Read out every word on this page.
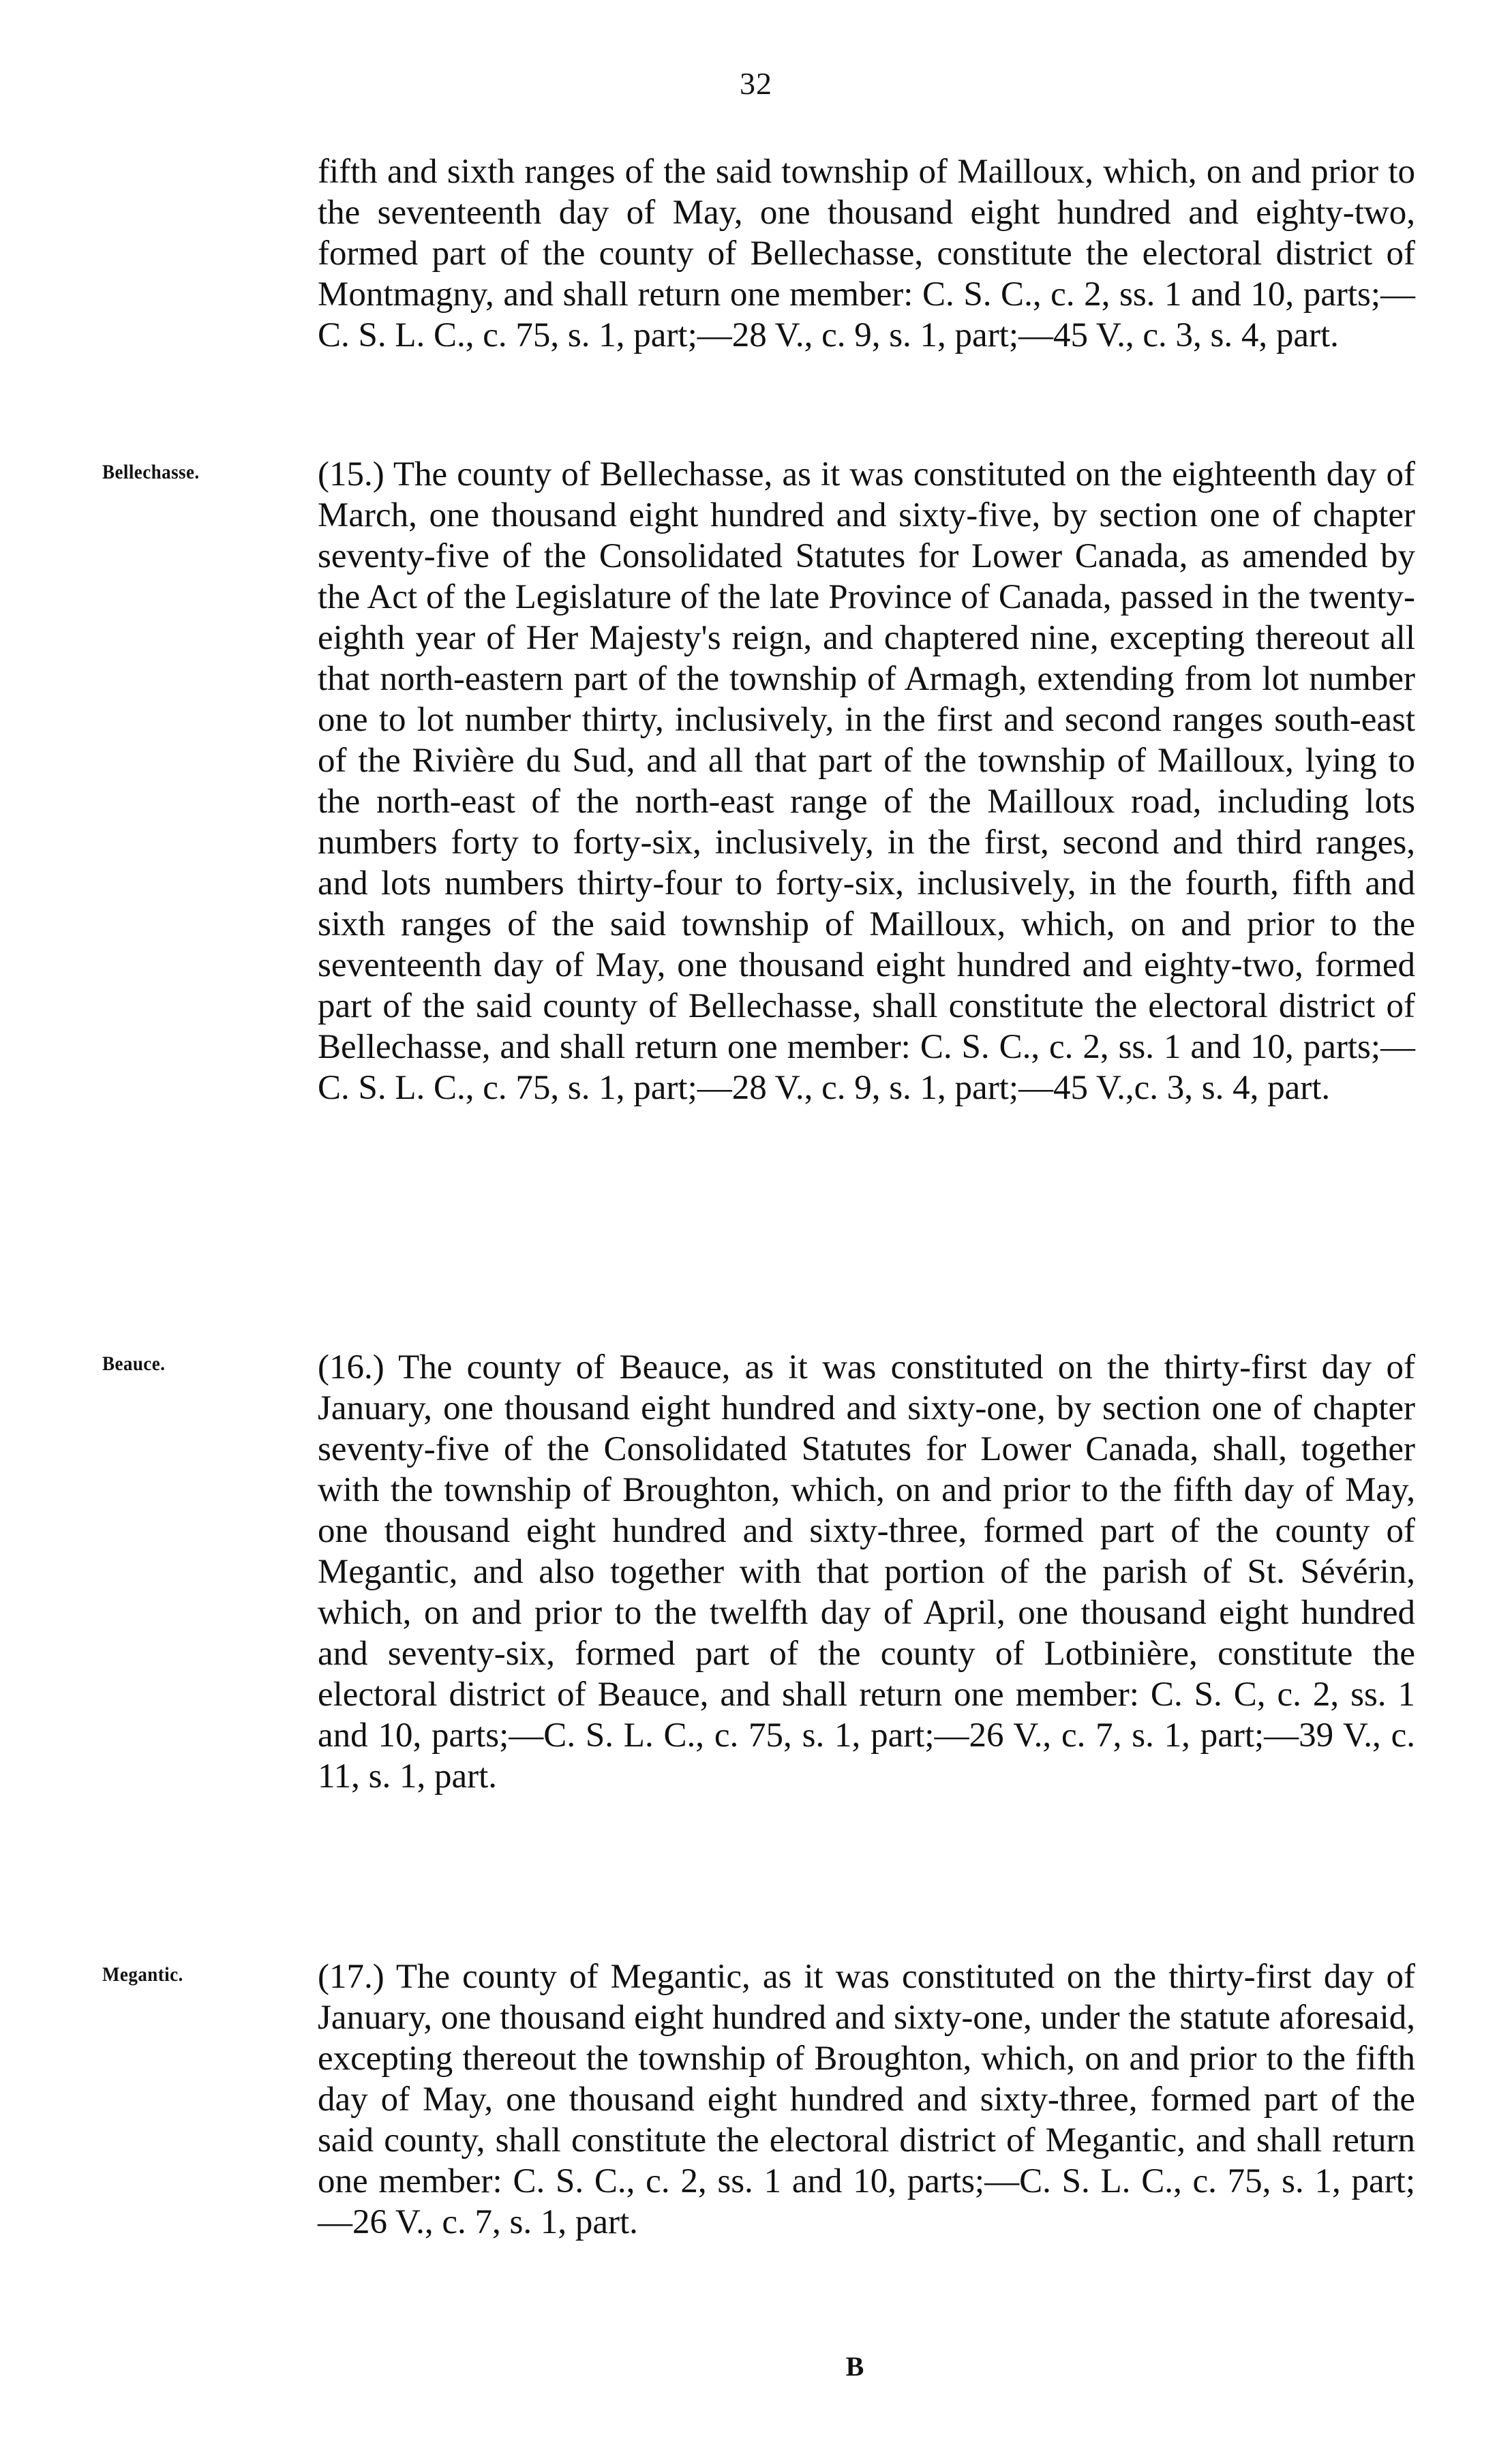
32

fifth and sixth ranges of the said township of Mailloux, which, on and prior to the seventeenth day of May, one thousand eight hundred and eighty-two, formed part of the county of Bellechasse, constitute the electoral district of Montmagny, and shall return one member: C. S. C., c. 2, ss. 1 and 10, parts;—C. S. L. C., c. 75, s. 1, part;—28 V., c. 9, s. 1, part;—45 V., c. 3, s. 4, part.

Bellechasse.	(15.) The county of Bellechasse, as it was constituted on the eighteenth day of March, one thousand eight hundred and sixty-five, by section one of chapter seventy-five of the Consolidated Statutes for Lower Canada, as amended by the Act of the Legislature of the late Province of Canada, passed in the twenty-eighth year of Her Majesty's reign, and chaptered nine, excepting thereout all that north-eastern part of the township of Armagh, extending from lot number one to lot number thirty, inclusively, in the first and second ranges south-east of the Rivière du Sud, and all that part of the township of Mailloux, lying to the north-east of the north-east range of the Mailloux road, including lots numbers forty to forty-six, inclusively, in the first, second and third ranges, and lots numbers thirty-four to forty-six, inclusively, in the fourth, fifth and sixth ranges of the said township of Mailloux, which, on and prior to the seventeenth day of May, one thousand eight hundred and eighty-two, formed part of the said county of Bellechasse, shall constitute the electoral district of Bellechasse, and shall return one member: C. S. C., c. 2, ss. 1 and 10, parts;—C. S. L. C., c. 75, s. 1, part;—28 V., c. 9, s. 1, part;—45 V.,c. 3, s. 4, part.

Beauce.	(16.) The county of Beauce, as it was constituted on the thirty-first day of January, one thousand eight hundred and sixty-one, by section one of chapter seventy-five of the Consolidated Statutes for Lower Canada, shall, together with the township of Broughton, which, on and prior to the fifth day of May, one thousand eight hundred and sixty-three, formed part of the county of Megantic, and also together with that portion of the parish of St. Sévérin, which, on and prior to the twelfth day of April, one thousand eight hundred and seventy-six, formed part of the county of Lotbinière, constitute the electoral district of Beauce, and shall return one member: C. S. C, c. 2, ss. 1 and 10, parts;—C. S. L. C., c. 75, s. 1, part;—26 V., c. 7, s. 1, part;—39 V., c. 11, s. 1, part.

Megantic.	(17.) The county of Megantic, as it was constituted on the thirty-first day of January, one thousand eight hundred and sixty-one, under the statute aforesaid, excepting thereout the township of Broughton, which, on and prior to the fifth day of May, one thousand eight hundred and sixty-three, formed part of the said county, shall constitute the electoral district of Megantic, and shall return one member: C. S. C., c. 2, ss. 1 and 10, parts;—C. S. L. C., c. 75, s. 1, part; —26 V., c. 7, s. 1, part.

B
